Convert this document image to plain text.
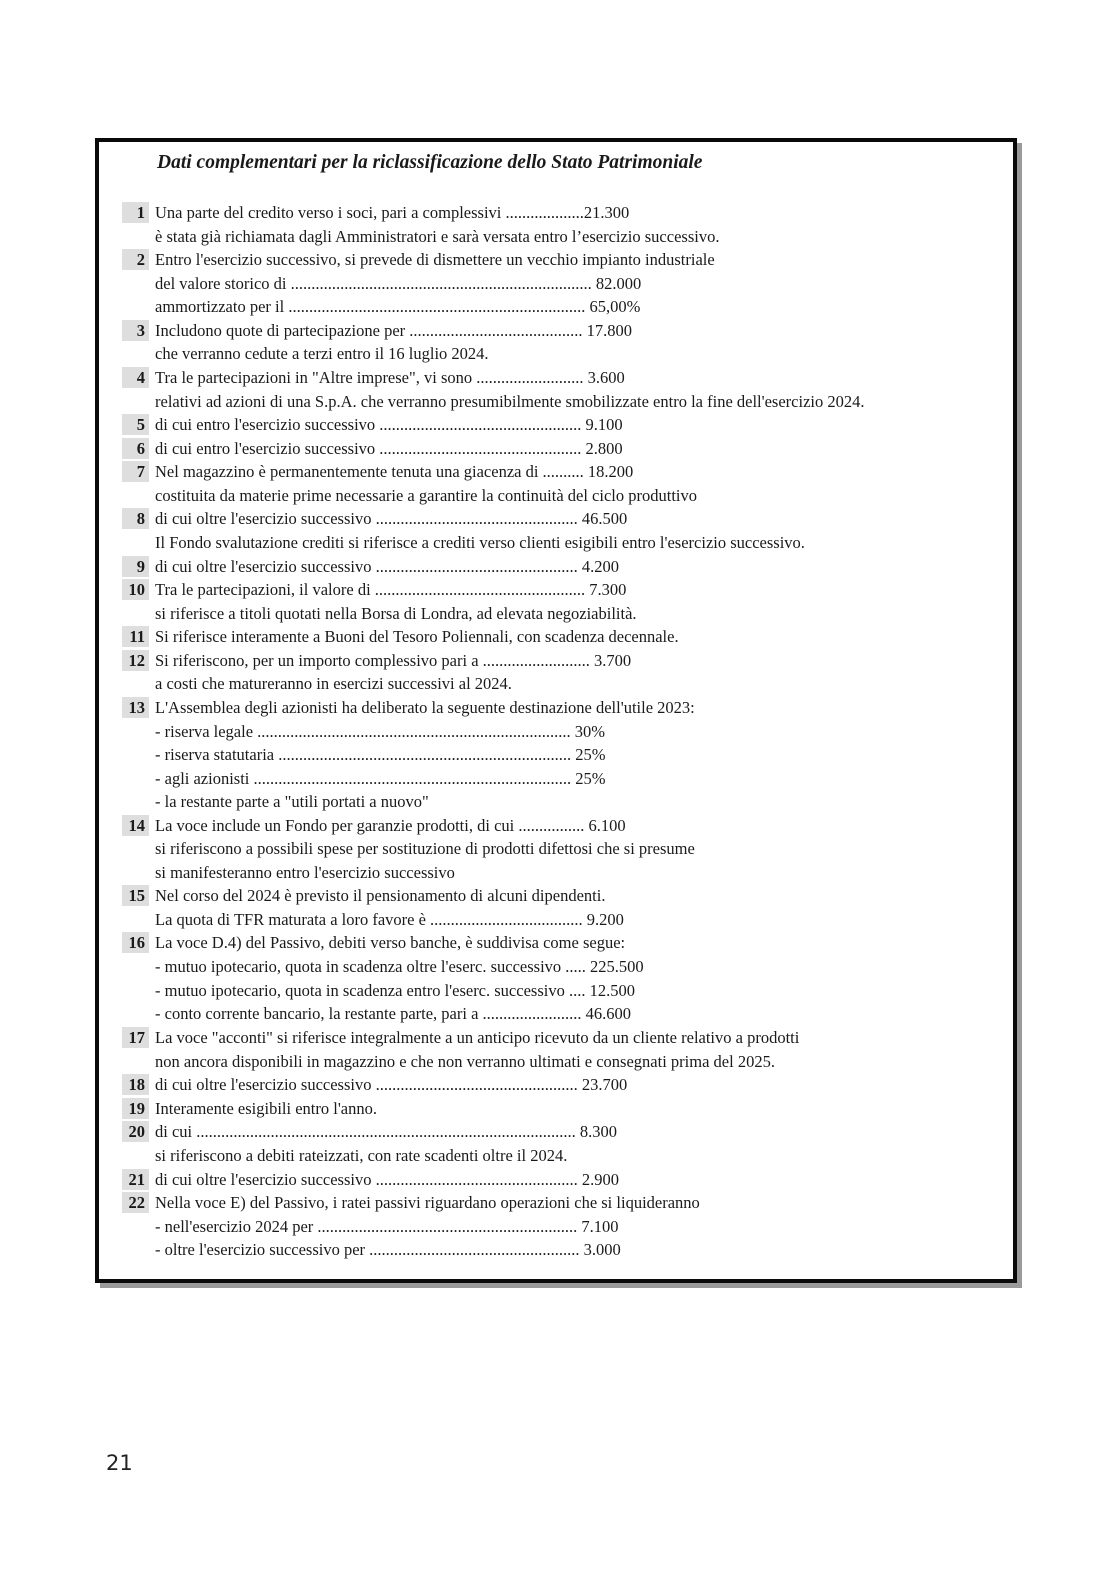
Dati complementari per la riclassificazione dello Stato Patrimoniale
1
2
3
4
5
6
7
8
9
10
11
12
13
14
15
16
17
18
19
20
21
22
Una parte del credito verso i soci, pari a complessivi ...................21.300
è stata già richiamata dagli Amministratori e sarà versata entro l’esercizio successivo.
Entro l'esercizio successivo, si prevede di dismettere un vecchio impianto industriale
del valore storico di ......................................................................... 82.000
ammortizzato per il ........................................................................ 65,00%
Includono quote di partecipazione per .......................................... 17.800
che verranno cedute a terzi entro il 16 luglio 2024.
Tra le partecipazioni in "Altre imprese", vi sono .......................... 3.600
relativi ad azioni di una S.p.A. che verranno presumibilmente smobilizzate entro la fine dell'esercizio 2024.
di cui entro l'esercizio successivo ................................................. 9.100
di cui entro l'esercizio successivo ................................................. 2.800
Nel magazzino è permanentemente tenuta una giacenza di .......... 18.200
costituita da materie prime necessarie a garantire la continuità del ciclo produttivo
di cui oltre l'esercizio successivo ................................................. 46.500
Il Fondo svalutazione crediti si riferisce a crediti verso clienti esigibili entro l'esercizio successivo.
di cui oltre l'esercizio successivo ................................................. 4.200
Tra le partecipazioni, il valore di ................................................... 7.300
si riferisce a titoli quotati nella Borsa di Londra, ad elevata negoziabilità.
Si riferisce interamente a Buoni del Tesoro Poliennali, con scadenza decennale.
Si riferiscono, per un importo complessivo pari a .......................... 3.700
a costi che matureranno in esercizi successivi al 2024.
L'Assemblea degli azionisti ha deliberato la seguente destinazione dell'utile 2023:
- riserva legale ............................................................................ 30%
- riserva statutaria ....................................................................... 25%
- agli azionisti ............................................................................. 25%
- la restante parte a "utili portati a nuovo"
La voce include un Fondo per garanzie prodotti, di cui ................ 6.100
si riferiscono a possibili spese per sostituzione di prodotti difettosi che si presume
si manifesteranno entro l'esercizio successivo
Nel corso del 2024 è previsto il pensionamento di alcuni dipendenti.
La quota di TFR maturata a loro favore è ..................................... 9.200
La voce D.4) del Passivo, debiti verso banche, è suddivisa come segue:
- mutuo ipotecario, quota in scadenza oltre l'eserc. successivo ..... 225.500
- mutuo ipotecario, quota in scadenza entro l'eserc. successivo .... 12.500
- conto corrente bancario, la restante parte, pari a ........................ 46.600
La voce "acconti" si riferisce integralmente a un anticipo ricevuto da un cliente relativo a prodotti
non ancora disponibili in magazzino e che non verranno ultimati e consegnati prima del 2025.
di cui oltre l'esercizio successivo ................................................. 23.700
Interamente esigibili entro l'anno.
di cui ............................................................................................ 8.300
si riferiscono a debiti rateizzati, con rate scadenti oltre il 2024.
di cui oltre l'esercizio successivo ................................................. 2.900
Nella voce E) del Passivo, i ratei passivi riguardano operazioni che si liquideranno
- nell'esercizio 2024 per ............................................................... 7.100
- oltre l'esercizio successivo per ................................................... 3.000
21
